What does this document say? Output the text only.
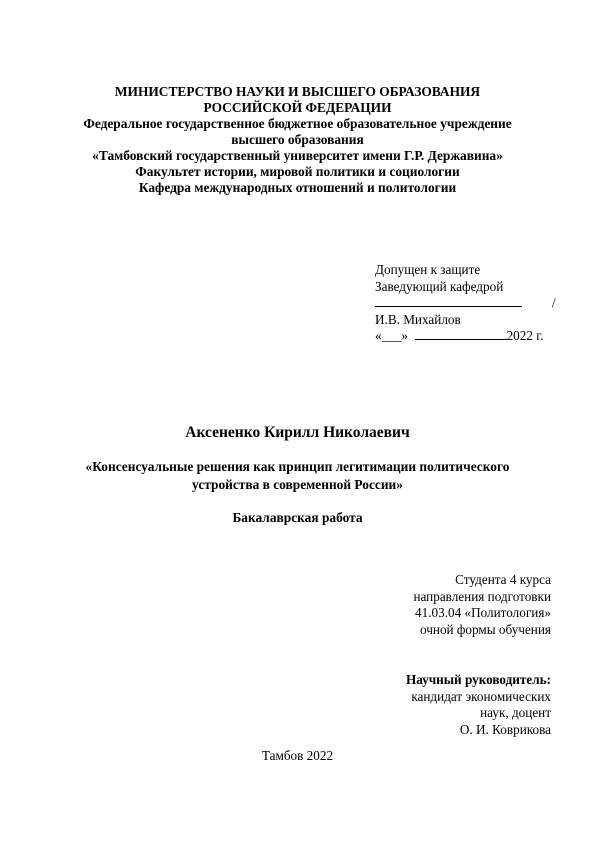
МИНИСТЕРСТВО НАУКИ И ВЫСШЕГО ОБРАЗОВАНИЯ
РОССИЙСКОЙ ФЕДЕРАЦИИ
Федеральное государственное бюджетное образовательное учреждение
высшего образования
«Тамбовский государственный университет имени Г.Р. Державина»
Факультет истории, мировой политики и социологии
Кафедра международных отношений и политологии
Допущен к защите
Заведующий кафедрой
/
И.В. Михайлов
«___»	2022 г.
Аксененко Кирилл Николаевич
«Консенсуальные решения как принцип легитимации политического
устройства в современной России»
Бакалаврская работа
Студента 4 курса
направления подготовки
41.03.04 «Политология»
очной формы обучения
Научный руководитель:
кандидат экономических
наук, доцент
О. И. Коврикова
Тамбов 2022
